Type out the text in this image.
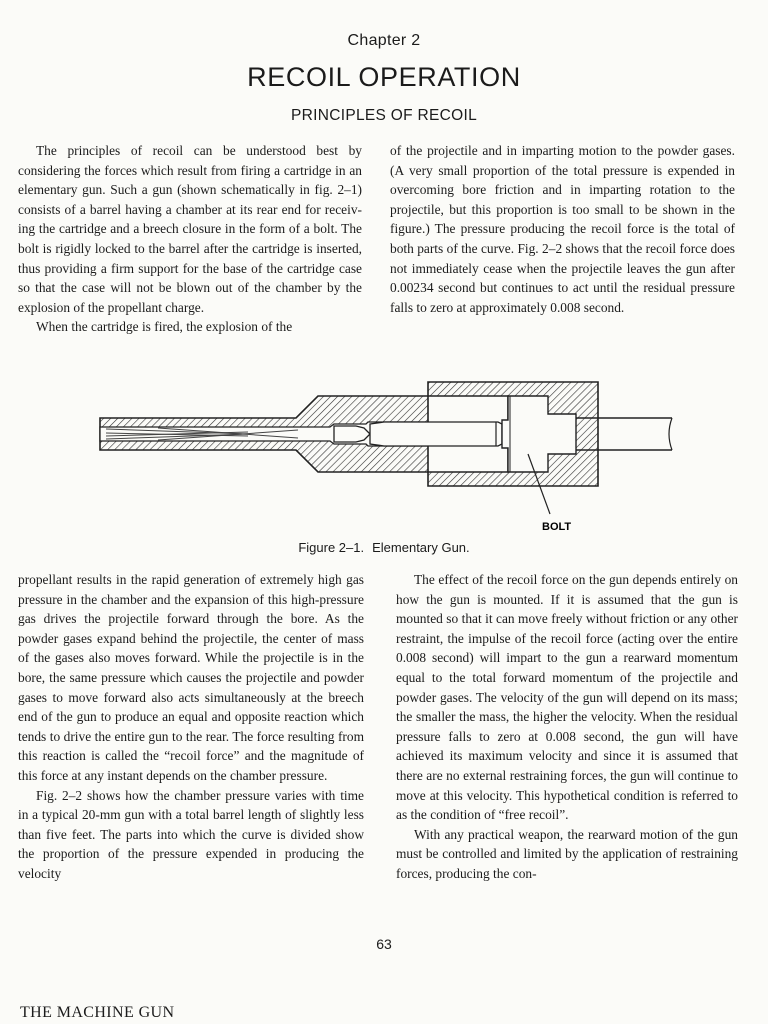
Chapter 2
RECOIL OPERATION
PRINCIPLES OF RECOIL

The principles of recoil can be understood best by considering the forces which result from firing a cartridge in an elementary gun. Such a gun (shown schematically in fig. 2–1) consists of a barrel having a chamber at its rear end for receiving the cartridge and a breech closure in the form of a bolt. The bolt is rigidly locked to the barrel after the cartridge is inserted, thus providing a firm support for the base of the cartridge case so that the case will not be blown out of the chamber by the explosion of the propellant charge.

When the cartridge is fired, the explosion of the

of the projectile and in imparting motion to the powder gases. (A very small proportion of the total pressure is expended in overcoming bore friction and in imparting rotation to the projectile, but this proportion is too small to be shown in the figure.) The pressure producing the recoil force is the total of both parts of the curve. Fig. 2–2 shows that the recoil force does not immediately cease when the projectile leaves the gun after 0.00234 second but continues to act until the residual pressure falls to zero at approximately 0.008 second.

BOLT
Figure 2–1. Elementary Gun.

propellant results in the rapid generation of extremely high gas pressure in the chamber and the expansion of this high-pressure gas drives the projectile forward through the bore. As the powder gases expand behind the projectile, the center of mass of the gases also moves forward. While the projectile is in the bore, the same pressure which causes the projectile and powder gases to move forward also acts simultaneously at the breech end of the gun to produce an equal and opposite reaction which tends to drive the entire gun to the rear. The force resulting from this reaction is called the “recoil force” and the magnitude of this force at any instant depends on the chamber pressure.

Fig. 2–2 shows how the chamber pressure varies with time in a typical 20-mm gun with a total barrel length of slightly less than five feet. The parts into which the curve is divided show the proportion of the pressure expended in producing the velocity

The effect of the recoil force on the gun depends entirely on how the gun is mounted. If it is assumed that the gun is mounted so that it can move freely without friction or any other restraint, the impulse of the recoil force (acting over the entire 0.008 second) will impart to the gun a rearward momentum equal to the total forward momentum of the projectile and powder gases. The velocity of the gun will depend on its mass; the smaller the mass, the higher the velocity. When the residual pressure falls to zero at 0.008 second, the gun will have achieved its maximum velocity and since it is assumed that there are no external restraining forces, the gun will continue to move at this velocity. This hypothetical condition is referred to as the condition of “free recoil”.

With any practical weapon, the rearward motion of the gun must be controlled and limited by the application of restraining forces, producing the con-

63
THE MACHINE GUN
